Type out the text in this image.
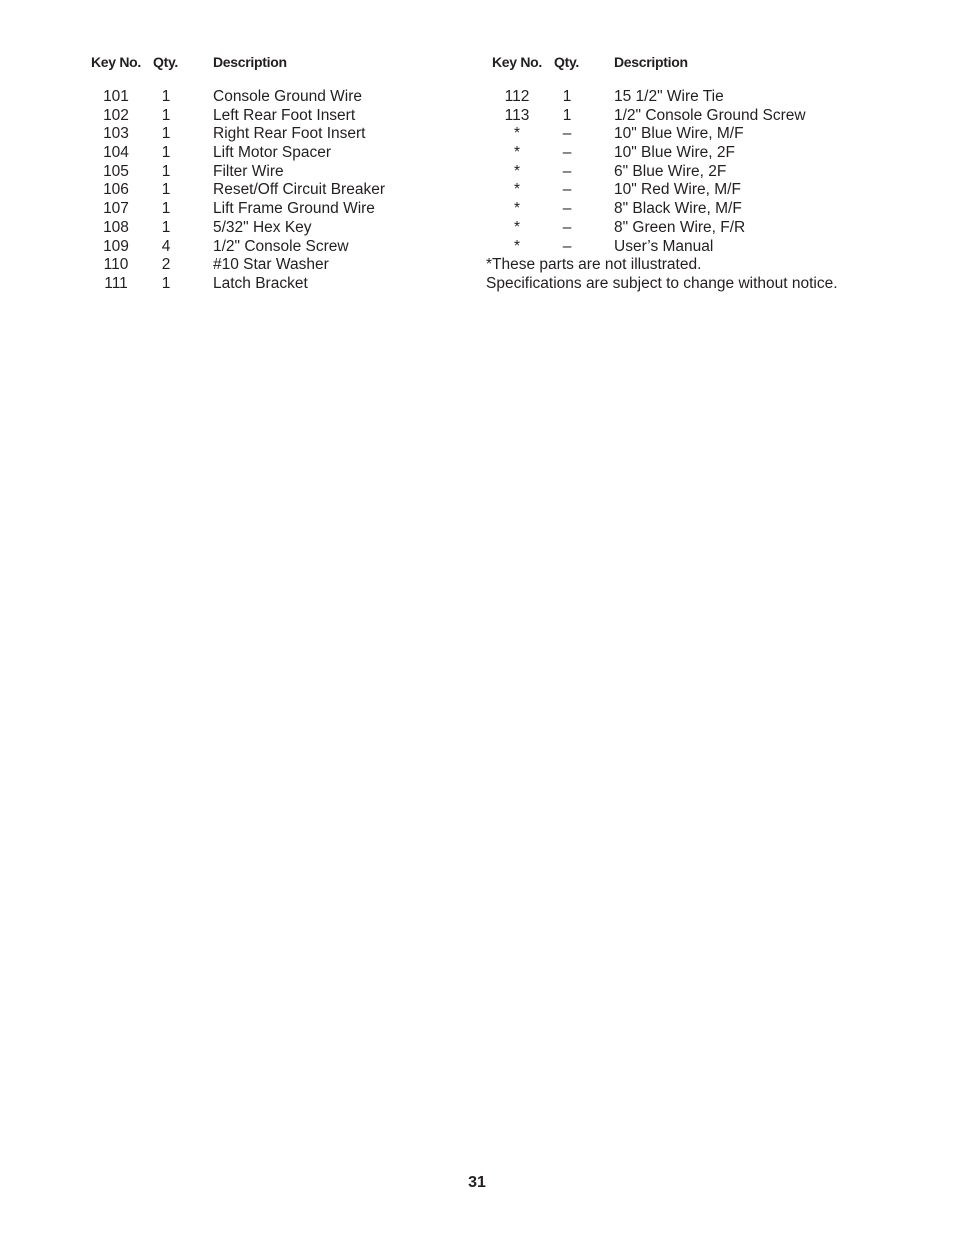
Key No. Qty.	Description
101	1	Console Ground Wire
102	1	Left Rear Foot Insert
103	1	Right Rear Foot Insert
104	1	Lift Motor Spacer
105	1	Filter Wire
106	1	Reset/Off Circuit Breaker
107	1	Lift Frame Ground Wire
108	1	5/32" Hex Key
109	4	1/2" Console Screw
110	2	#10 Star Washer
111	1	Latch Bracket
Key No. Qty.	Description
112	1	15 1/2" Wire Tie
113	1	1/2" Console Ground Screw
*	–	10" Blue Wire, M/F
*	–	10" Blue Wire, 2F
*	–	6" Blue Wire, 2F
*	–	10" Red Wire, M/F
*	–	8" Black Wire, M/F
*	–	8" Green Wire, F/R
*	–	User’s Manual
*These parts are not illustrated.
Specifications are subject to change without notice.
31
